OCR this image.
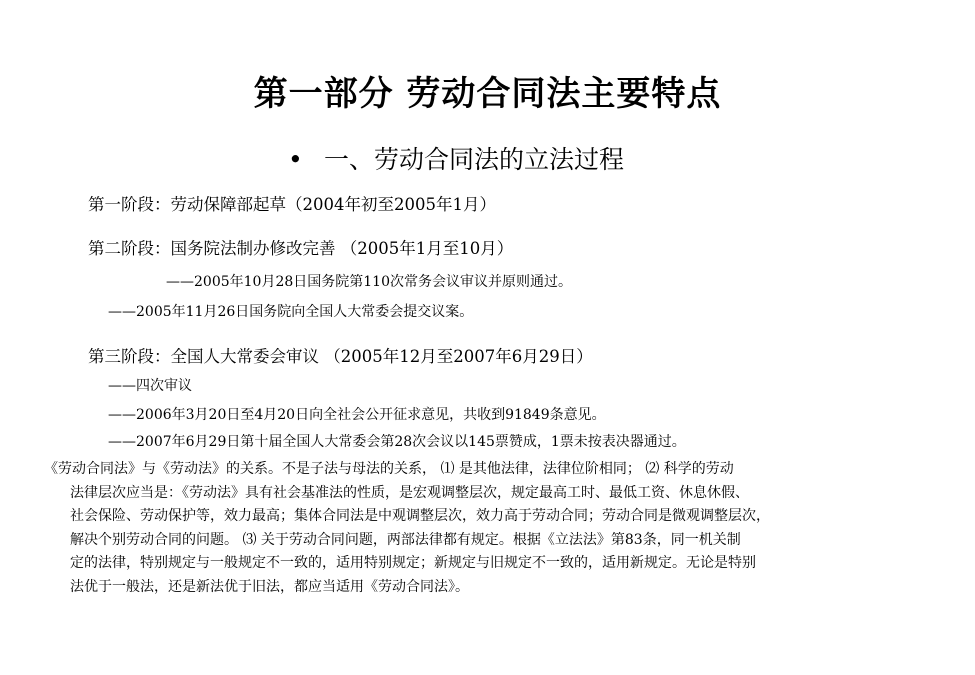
第一部分 劳动合同法主要特点
• 一、劳动合同法的立法过程
第一阶段：劳动保障部起草（2004年初至2005年1月）
第二阶段：国务院法制办修改完善 （2005年1月至10月）
——2005年10月28日国务院第110次常务会议审议并原则通过。
——2005年11月26日国务院向全国人大常委会提交议案。
第三阶段：全国人大常委会审议 （2005年12月至2007年6月29日）
——四次审议
——2006年3月20日至4月20日向全社会公开征求意见，共收到91849条意见。
——2007年6月29日第十届全国人大常委会第28次会议以145票赞成，1票未按表决器通过。
《劳动合同法》与《劳动法》的关系。不是子法与母法的关系， ⑴ 是其他法律，法律位阶相同； ⑵ 科学的劳动
法律层次应当是：《劳动法》具有社会基准法的性质，是宏观调整层次，规定最高工时、最低工资、休息休假、
社会保险、劳动保护等，效力最高；集体合同法是中观调整层次，效力高于劳动合同；劳动合同是微观调整层次，
解决个别劳动合同的问题。 ⑶ 关于劳动合同问题，两部法律都有规定。根据《立法法》第83条，同一机关制
定的法律，特别规定与一般规定不一致的，适用特别规定；新规定与旧规定不一致的，适用新规定。无论是特别
法优于一般法，还是新法优于旧法，都应当适用《劳动合同法》。
